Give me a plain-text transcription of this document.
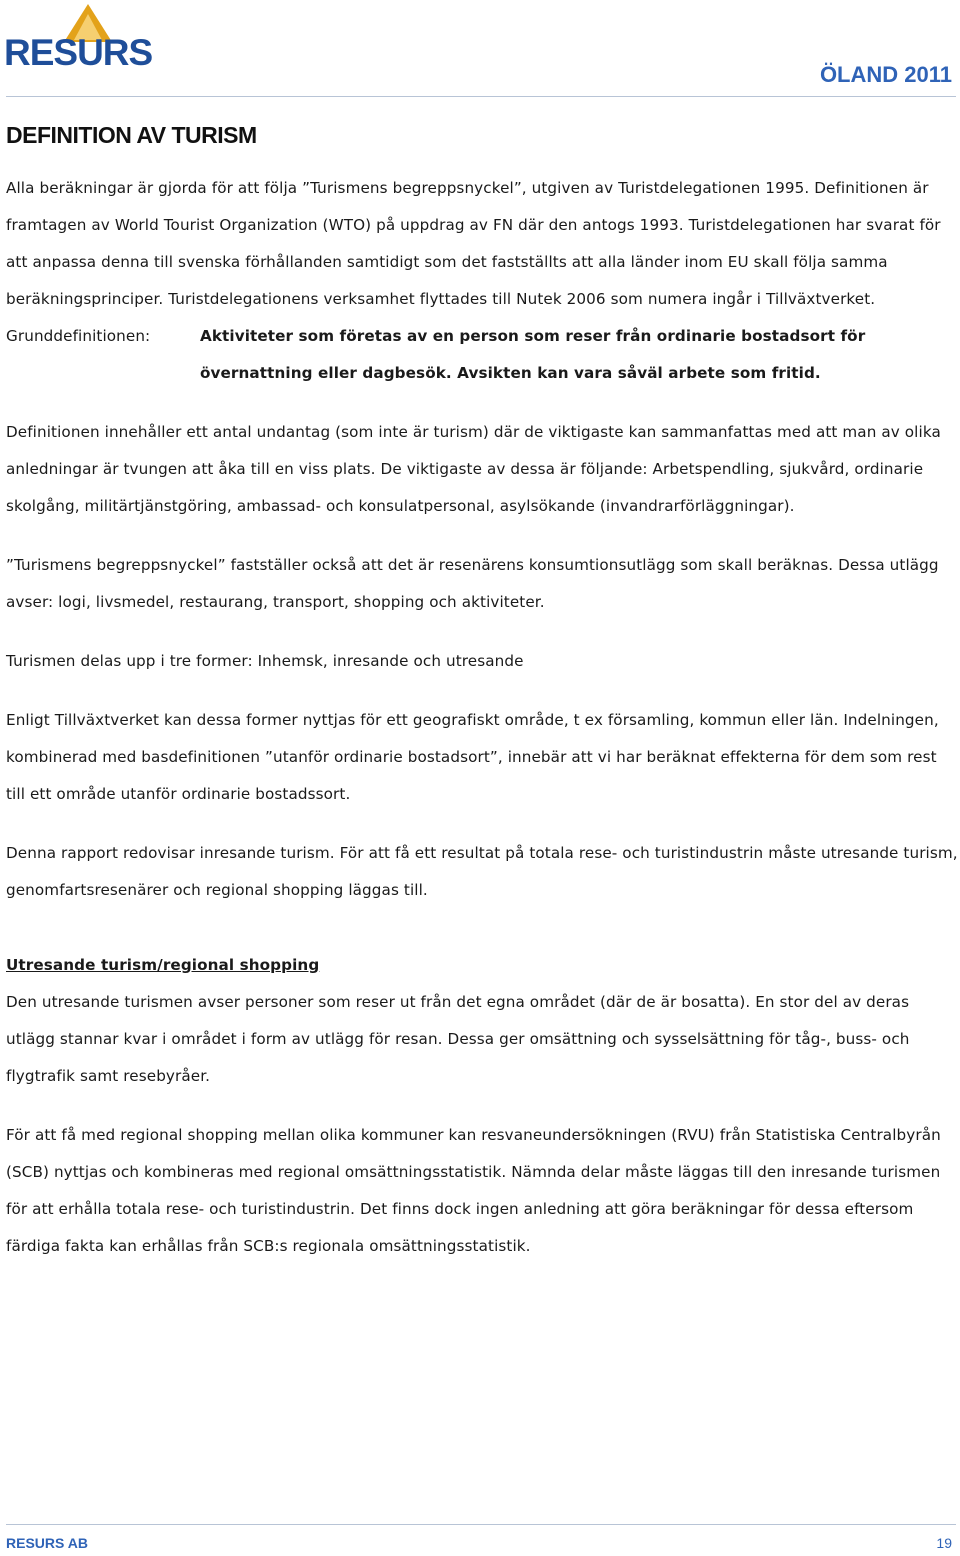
RESURS
ÖLAND 2011
DEFINITION AV TURISM

Alla beräkningar är gjorda för att följa ”Turismens begreppsnyckel”, utgiven av Turistdelegationen 1995. Definitionen är framtagen av World Tourist Organization (WTO) på uppdrag av FN där den antogs 1993. Turistdelegationen har svarat för att anpassa denna till svenska förhållanden samtidigt som det fastställts att alla länder inom EU skall följa samma beräkningsprinciper. Turistdelegationens verksamhet flyttades till Nutek 2006 som numera ingår i Tillväxtverket.

Grunddefinitionen:	Aktiviteter som företas av en person som reser från ordinarie bostadsort för övernattning eller dagbesök. Avsikten kan vara såväl arbete som fritid.

Definitionen innehåller ett antal undantag (som inte är turism) där de viktigaste kan sammanfattas med att man av olika anledningar är tvungen att åka till en viss plats. De viktigaste av dessa är följande: Arbetspendling, sjukvård, ordinarie skolgång, militärtjänstgöring, ambassad- och konsulatpersonal, asylsökande (invandrarförläggningar).

”Turismens begreppsnyckel” fastställer också att det är resenärens konsumtionsutlägg som skall beräknas. Dessa utlägg avser: logi, livsmedel, restaurang, transport, shopping och aktiviteter.

Turismen delas upp i tre former: Inhemsk, inresande och utresande

Enligt Tillväxtverket kan dessa former nyttjas för ett geografiskt område, t ex församling, kommun eller län. Indelningen, kombinerad med basdefinitionen ”utanför ordinarie bostadsort”, innebär att vi har beräknat effekterna för dem som rest till ett område utanför ordinarie bostadssort.

Denna rapport redovisar inresande turism. För att få ett resultat på totala rese- och turistindustrin måste utresande turism, genomfartsresenärer och regional shopping läggas till.

Utresande turism/regional shopping

Den utresande turismen avser personer som reser ut från det egna området (där de är bosatta). En stor del av deras utlägg stannar kvar i området i form av utlägg för resan. Dessa ger omsättning och sysselsättning för tåg-, buss- och flygtrafik samt resebyråer.

För att få med regional shopping mellan olika kommuner kan resvaneundersökningen (RVU) från Statistiska Centralbyrån (SCB) nyttjas och kombineras med regional omsättningsstatistik. Nämnda delar måste läggas till den inresande turismen för att erhålla totala rese- och turistindustrin. Det finns dock ingen anledning att göra beräkningar för dessa eftersom färdiga fakta kan erhållas från SCB:s regionala omsättningsstatistik.

RESURS AB	19
